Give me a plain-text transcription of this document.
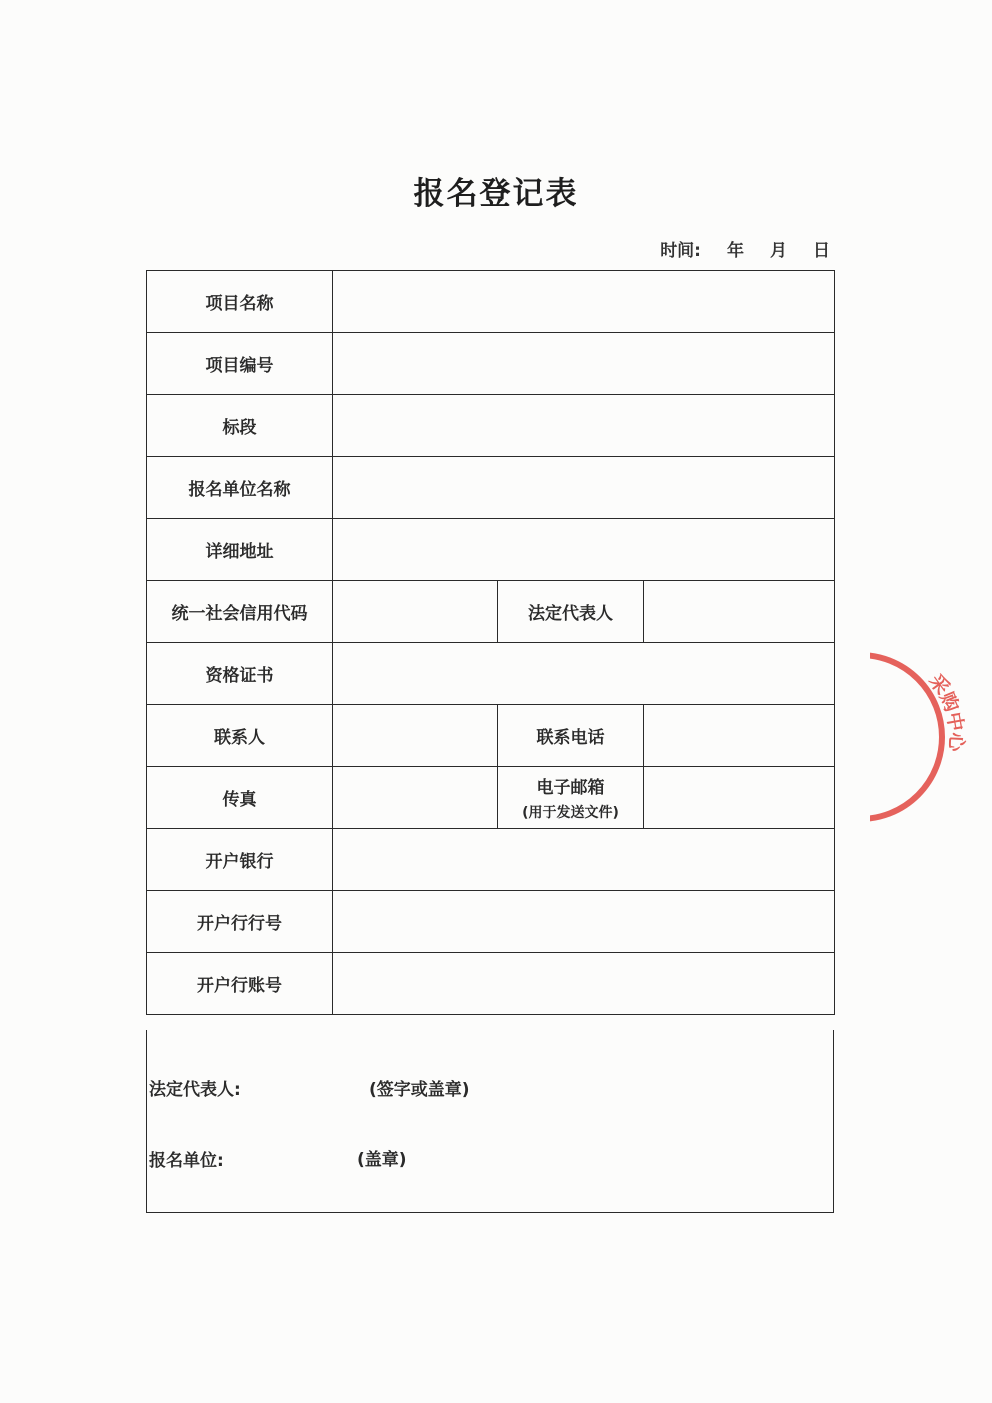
报名登记表
时间: 年 月 日
项目名称			
项目编号			
标段			
报名单位名称			
详细地址			
统一社会信用代码		法定代表人	
资格证书			
联系人		联系电话	
传真		电子邮箱
(用于发送文件)	

开户银行			
开户行行号			
开户行账号			
法定代表人:	(签字或盖章)
报名单位:	(盖章)
采购中心
